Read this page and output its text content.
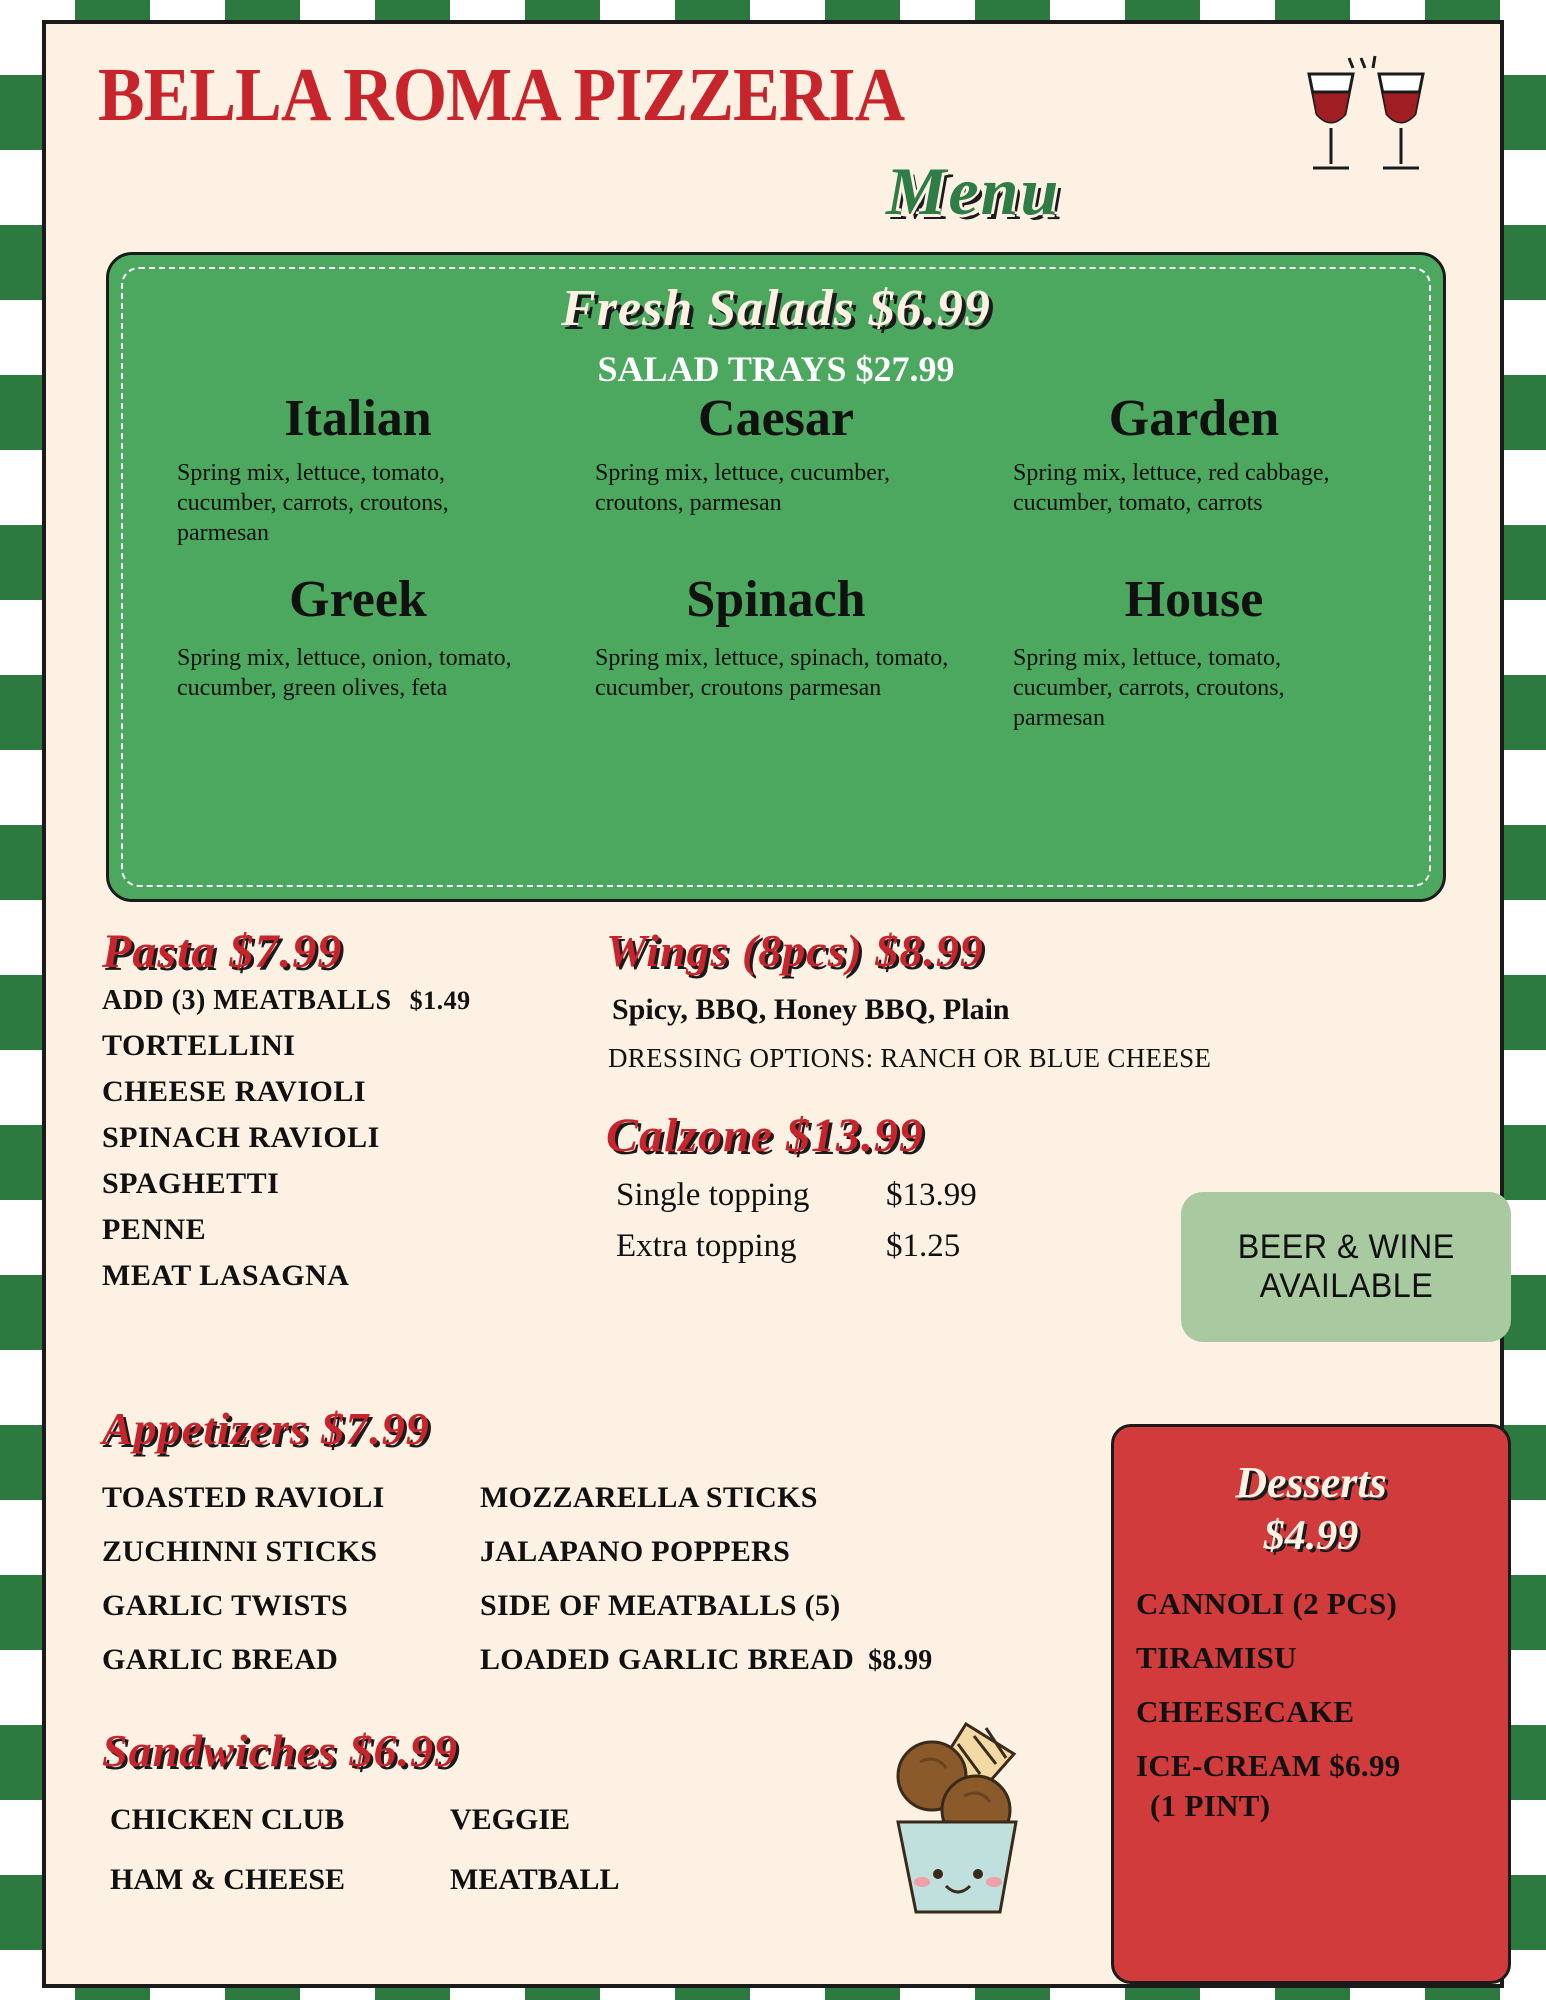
BELLA ROMA PIZZERIA
Menu
Fresh Salads $6.99
SALAD TRAYS $27.99
Italian
Spring mix, lettuce, tomato, cucumber, carrots, croutons, parmesan
Caesar
Spring mix, lettuce, cucumber, croutons, parmesan
Garden
Spring mix, lettuce, red cabbage, cucumber, tomato, carrots
Greek
Spring mix, lettuce, onion, tomato, cucumber, green olives, feta
Spinach
Spring mix, lettuce, spinach, tomato, cucumber, croutons parmesan
House
Spring mix, lettuce, tomato, cucumber, carrots, croutons, parmesan
Pasta $7.99
ADD (3) MEATBALLS $1.49
TORTELLINI
CHEESE RAVIOLI
SPINACH RAVIOLI
SPAGHETTI
PENNE
MEAT LASAGNA
Wings (8pcs) $8.99
Spicy, BBQ, Honey BBQ, Plain
DRESSING OPTIONS: RANCH OR BLUE CHEESE
Calzone $13.99
Single topping	$13.99
Extra topping	$1.25	BEER & WINE
AVAILABLE
Appetizers $7.99
TOASTED RAVIOLI	MOZZARELLA STICKS
ZUCHINNI STICKS	JALAPANO POPPERS
GARLIC TWISTS	SIDE OF MEATBALLS (5)
GARLIC BREAD	LOADED GARLIC BREAD $8.99
Sandwiches $6.99
CHICKEN CLUB	VEGGIE
HAM & CHEESE	MEATBALL
Desserts
$4.99
CANNOLI (2 PCS)
TIRAMISU
CHEESECAKE
ICE-CREAM $6.99
(1 PINT)
